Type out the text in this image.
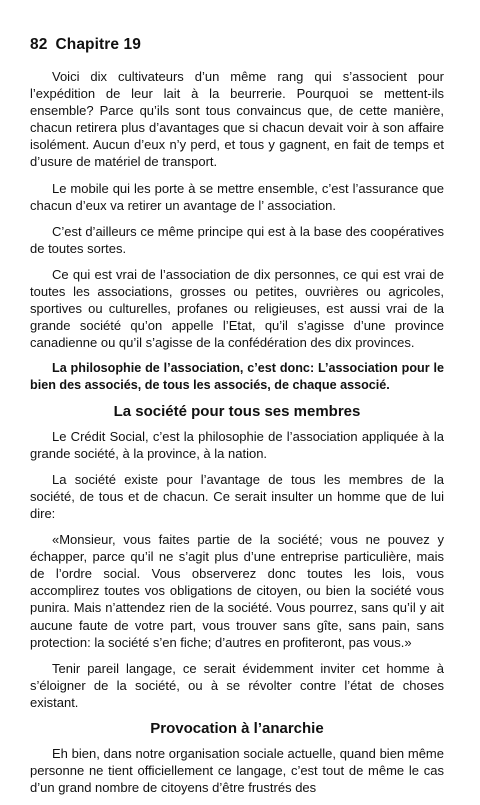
82 Chapitre 19

Voici dix cultivateurs d’un même rang qui s’associent pour l’expédition de leur lait à la beurrerie. Pourquoi se mettent-ils ensemble? Parce qu’ils sont tous convaincus que, de cette manière, chacun retirera plus d’avantages que si chacun devait voir à son affaire isolément. Aucun d’eux n’y perd, et tous y gagnent, en fait de temps et d’usure de matériel de transport.

Le mobile qui les porte à se mettre ensemble, c’est l’assurance que chacun d’eux va retirer un avantage de l’ association.

C’est d’ailleurs ce même principe qui est à la base des coopératives de toutes sortes.

Ce qui est vrai de l’association de dix personnes, ce qui est vrai de toutes les associations, grosses ou petites, ouvrières ou agricoles, sportives ou culturelles, profanes ou religieuses, est aussi vrai de la grande société qu’on appelle l’Etat, qu’il s’agisse d’une province canadienne ou qu’il s’agisse de la confédération des dix provinces.

La philosophie de l’association, c’est donc: L’association pour le bien des associés, de tous les associés, de chaque associé.

La société pour tous ses membres

Le Crédit Social, c’est la philosophie de l’association appliquée à la grande société, à la province, à la nation.

La société existe pour l’avantage de tous les membres de la société, de tous et de chacun. Ce serait insulter un homme que de lui dire:

«Monsieur, vous faites partie de la société; vous ne pouvez y échapper, parce qu’il ne s’agit plus d’une entreprise particulière, mais de l’ordre social. Vous observerez donc toutes les lois, vous accomplirez toutes vos obligations de citoyen, ou bien la société vous punira. Mais n’attendez rien de la société. Vous pourrez, sans qu’il y ait aucune faute de votre part, vous trouver sans gîte, sans pain, sans protection: la société s’en fiche; d’autres en profiteront, pas vous.»

Tenir pareil langage, ce serait évidemment inviter cet homme à s’éloigner de la société, ou à se révolter contre l’état de choses existant.

Provocation à l’anarchie

Eh bien, dans notre organisation sociale actuelle, quand bien même personne ne tient officiellement ce langage, c’est tout de même le cas d’un grand nombre de citoyens d’être frustrés des
